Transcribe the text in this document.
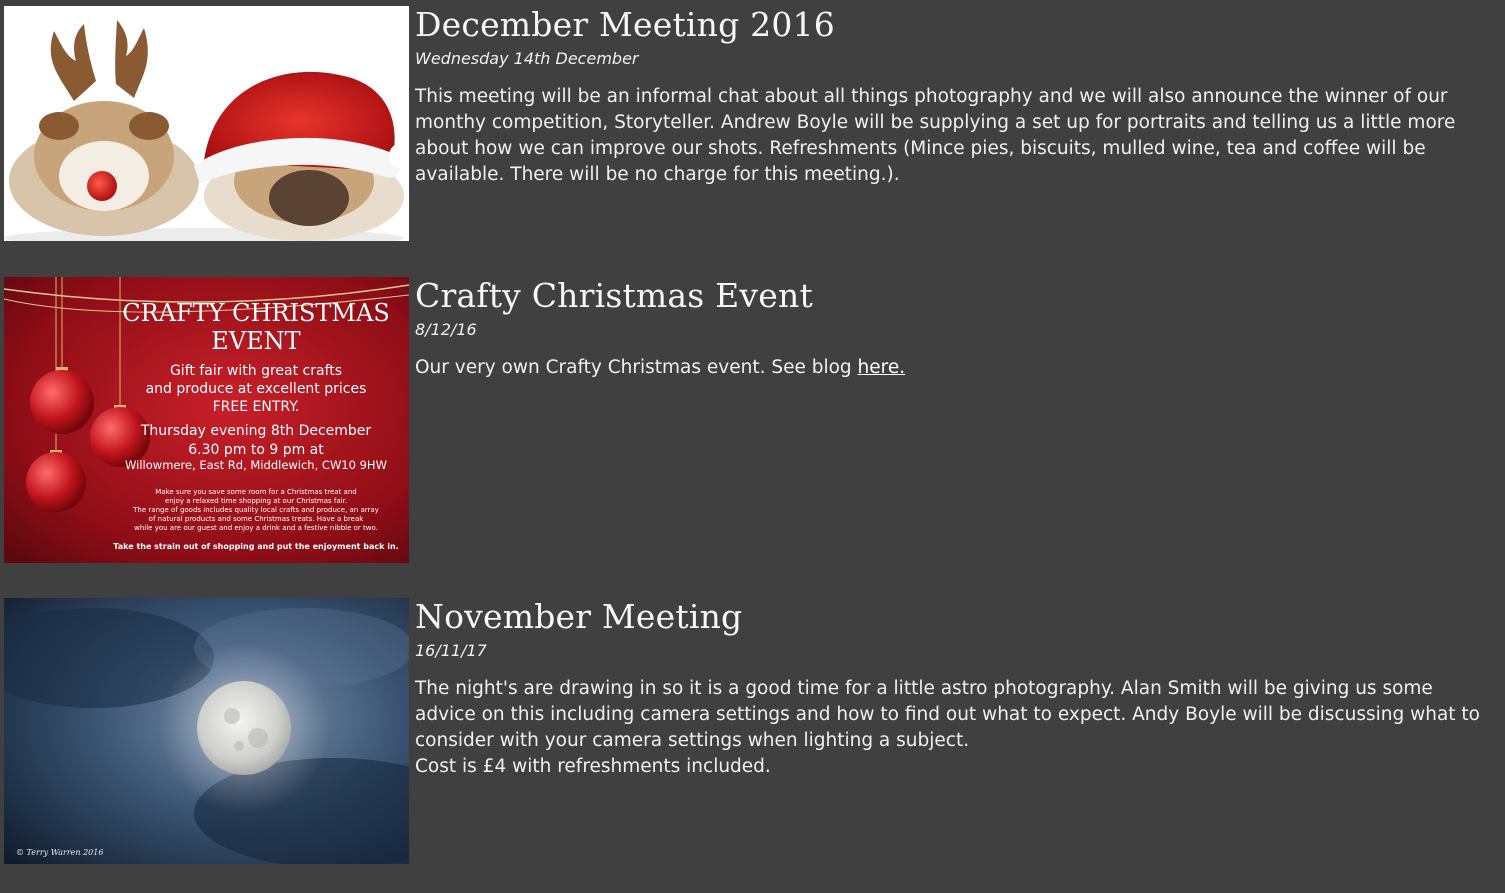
December Meeting 2016
Wednesday 14th December

This meeting will be an informal chat about all things photography and we will also announce the winner of our monthy competition, Storyteller. Andrew Boyle will be supplying a set up for portraits and telling us a little more about how we can improve our shots. Refreshments (Mince pies, biscuits, mulled wine, tea and coffee will be available. There will be no charge for this meeting.).

CRAFTY CHRISTMAS
EVENT
Gift fair with great crafts
and produce at excellent prices
FREE ENTRY.
Thursday evening 8th December
6.30 pm to 9 pm at
Willowmere, East Rd, Middlewich, CW10 9HW
Make sure you save some room for a Christmas treat and
enjoy a relaxed time shopping at our Christmas fair.
The range of goods includes quality local crafts and produce, an array
of natural products and some Christmas treats. Have a break
while you are our guest and enjoy a drink and a festive nibble or two.
Take the strain out of shopping and put the enjoyment back in.
Crafty Christmas Event
8/12/16

Our very own Crafty Christmas event. See blog here.

© Terry Warren 2016
November Meeting
16/11/17

The night's are drawing in so it is a good time for a little astro photography. Alan Smith will be giving us some advice on this including camera settings and how to find out what to expect. Andy Boyle will be discussing what to consider with your camera settings when lighting a subject.

Cost is £4 with refreshments included.
